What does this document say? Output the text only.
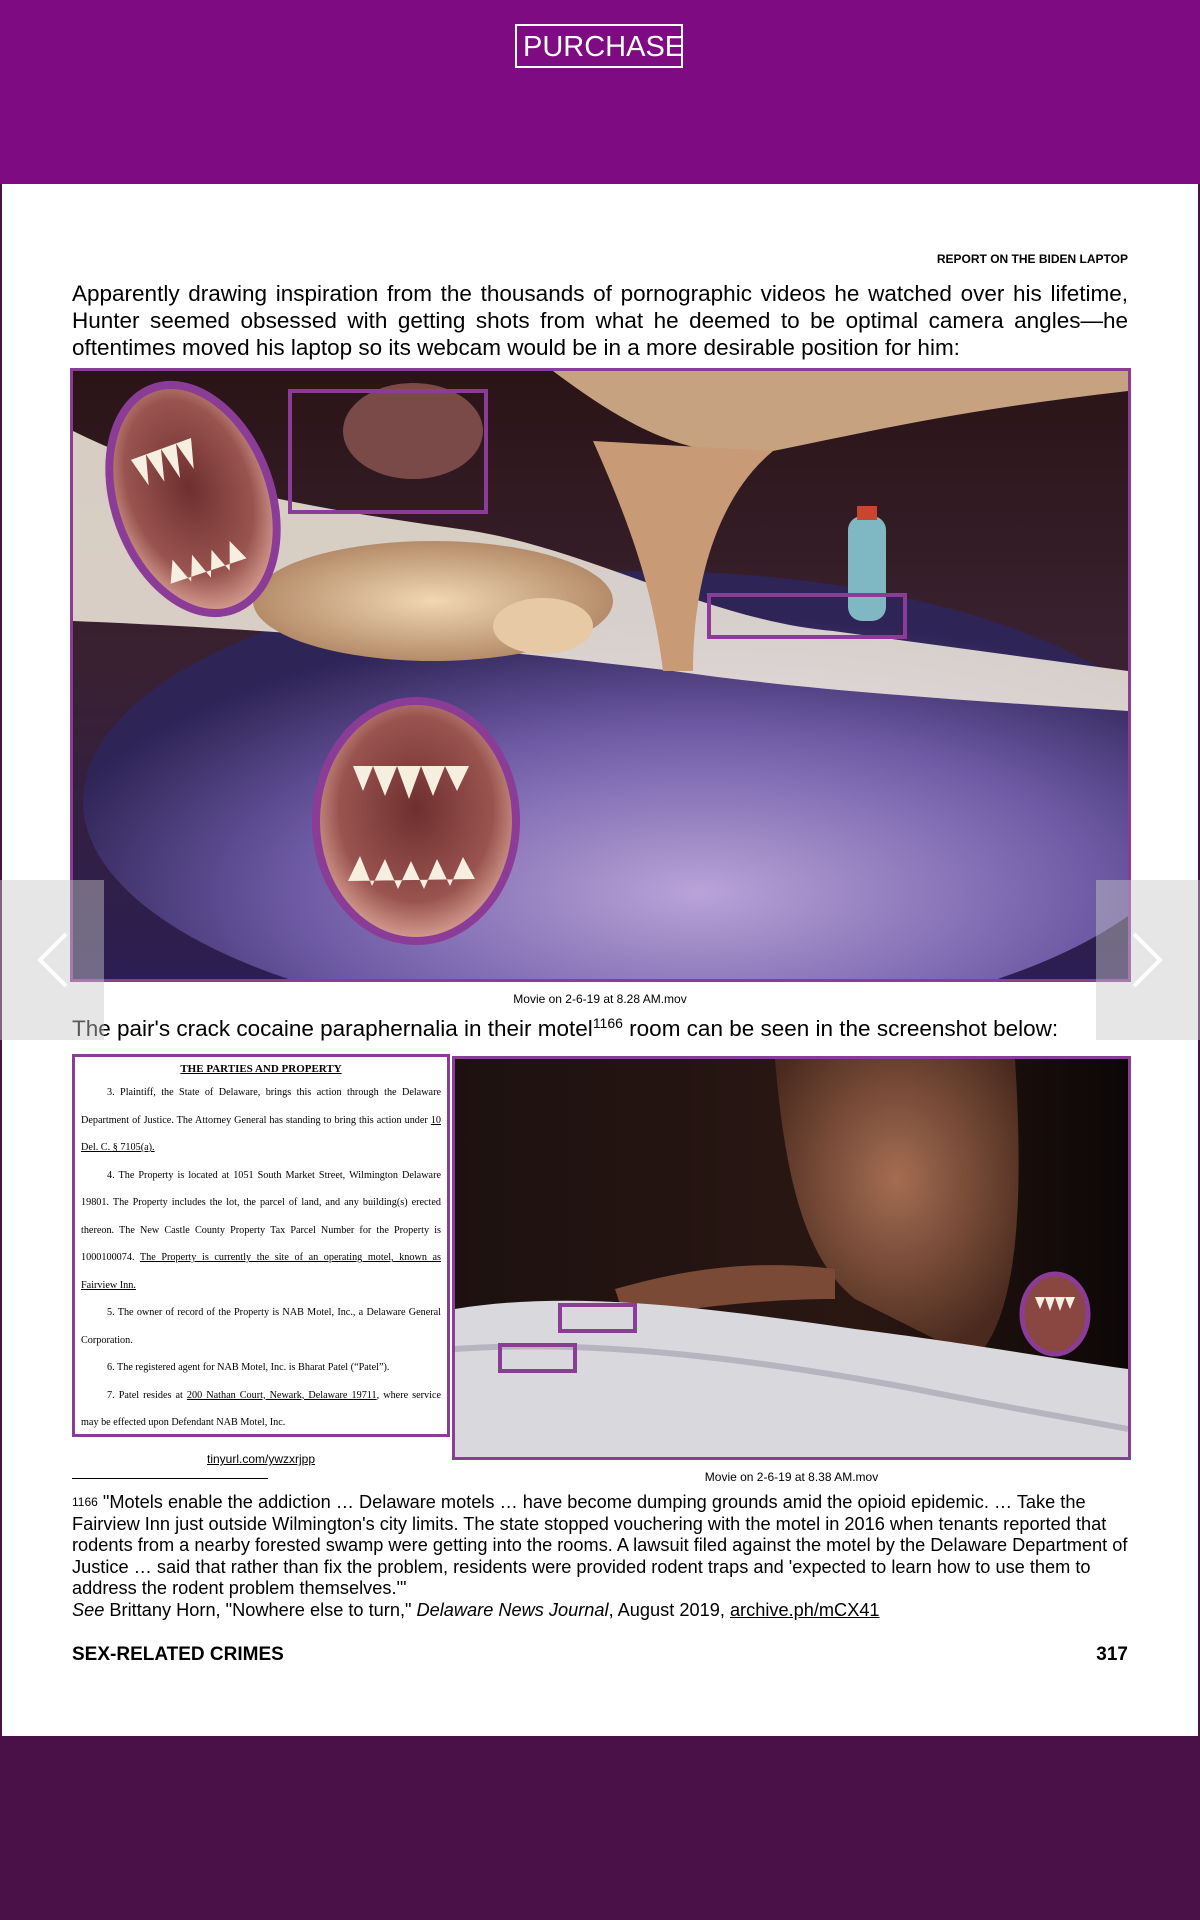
PURCHASE
REPORT ON THE BIDEN LAPTOP

Apparently drawing inspiration from the thousands of pornographic videos he watched over his lifetime, Hunter seemed obsessed with getting shots from what he deemed to be optimal camera angles—he oftentimes moved his laptop so its webcam would be in a more desirable position for him:

Movie on 2-6-19 at 8.28 AM.mov

The pair's crack cocaine paraphernalia in their motel$^{1166}$ room can be seen in the screenshot below:

THE PARTIES AND PROPERTY

3. Plaintiff, the State of Delaware, brings this action through the Delaware Department of Justice. The Attorney General has standing to bring this action under 10 Del. C. § 7105(a).

4. The Property is located at 1051 South Market Street, Wilmington Delaware 19801. The Property includes the lot, the parcel of land, and any building(s) erected thereon. The New Castle County Property Tax Parcel Number for the Property is 1000100074. The Property is currently the site of an operating motel, known as Fairview Inn.

5. The owner of record of the Property is NAB Motel, Inc., a Delaware General Corporation.

6. The registered agent for NAB Motel, Inc. is Bharat Patel (“Patel”).

7. Patel resides at 200 Nathan Court, Newark, Delaware 19711, where service may be effected upon Defendant NAB Motel, Inc.

tinyurl.com/ywzxrjpp
Movie on 2-6-19 at 8.38 AM.mov

$^{1166}$ "Motels enable the addiction … Delaware motels … have become dumping grounds amid the opioid epidemic. … Take the Fairview Inn just outside Wilmington's city limits. The state stopped vouchering with the motel in 2016 when tenants reported that rodents from a nearby forested swamp were getting into the rooms. A lawsuit filed against the motel by the Delaware Department of Justice … said that rather than fix the problem, residents were provided rodent traps and 'expected to learn how to use them to address the rodent problem themselves.'"
See Brittany Horn, "Nowhere else to turn," Delaware News Journal, August 2019, archive.ph/mCX41

SEX-RELATED CRIMES	317
